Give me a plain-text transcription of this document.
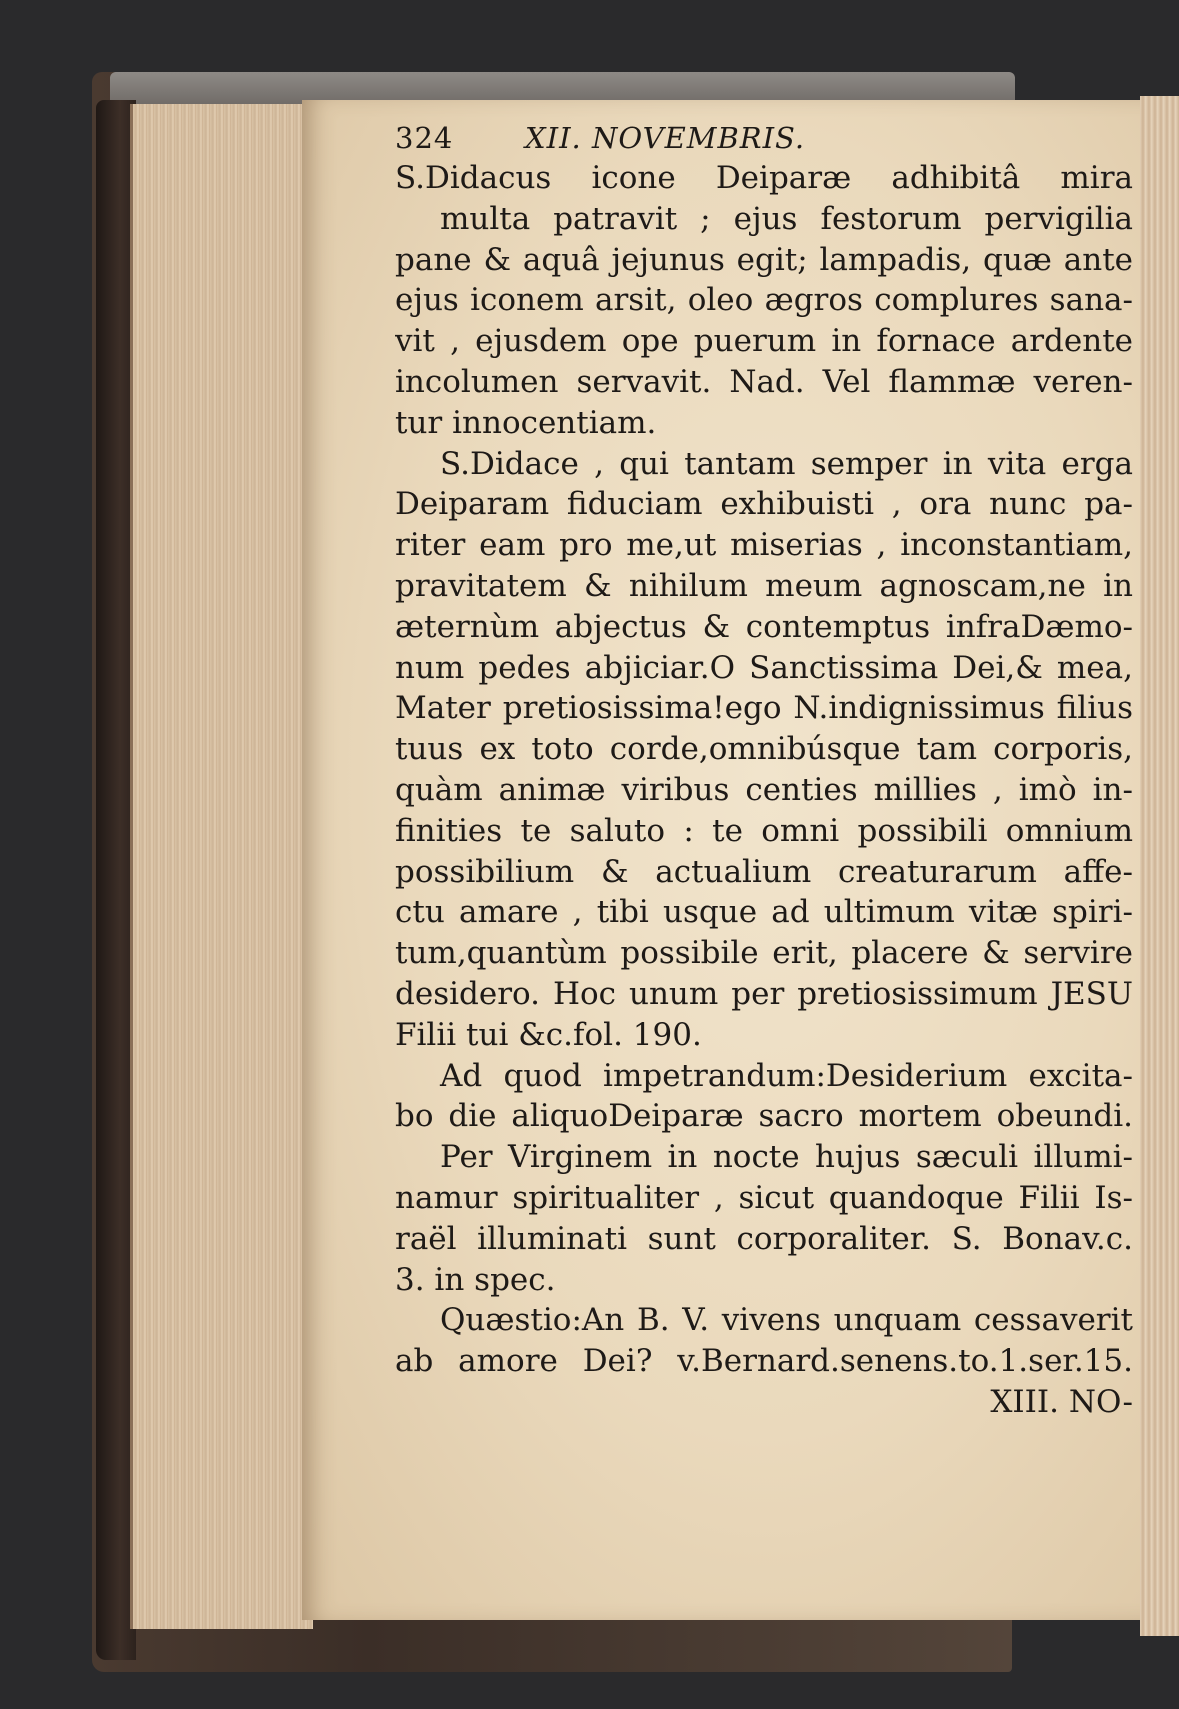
324	XII. NOVEMBRIS.
S.Didacus icone Deiparæ adhibitâ mira
multa patravit ; ejus festorum pervigilia
pane & aquâ jejunus egit; lampadis, quæ ante
ejus iconem arsit, oleo ægros complures sana-
vit , ejusdem ope puerum in fornace ardente
incolumen servavit. Nad. Vel flammæ veren-
tur innocentiam.
S.Didace , qui tantam semper in vita erga
Deiparam fiduciam exhibuisti , ora nunc pa-
riter eam pro me,ut miserias , inconstantiam,
pravitatem & nihilum meum agnoscam,ne in
æternùm abjectus & contemptus infraDæmo-
num pedes abjiciar.O Sanctissima Dei,& mea,
Mater pretiosissima!ego N.indignissimus filius
tuus ex toto corde,omnibúsque tam corporis,
quàm animæ viribus centies millies , imò in-
finities te saluto : te omni possibili omnium
possibilium & actualium creaturarum affe-
ctu amare , tibi usque ad ultimum vitæ spiri-
tum,quantùm possibile erit, placere & servire
desidero. Hoc unum per pretiosissimum JESU
Filii tui &c.fol. 190.
Ad quod impetrandum:Desiderium excita-
bo die aliquoDeiparæ sacro mortem obeundi.
Per Virginem in nocte hujus sæculi illumi-
namur spiritualiter , sicut quandoque Filii Is-
raël illuminati sunt corporaliter. S. Bonav.c.
3. in spec.
Quæstio:An B. V. vivens unquam cessaverit
ab amore Dei? v.Bernard.senens.to.1.ser.15.
XIII. NO-
